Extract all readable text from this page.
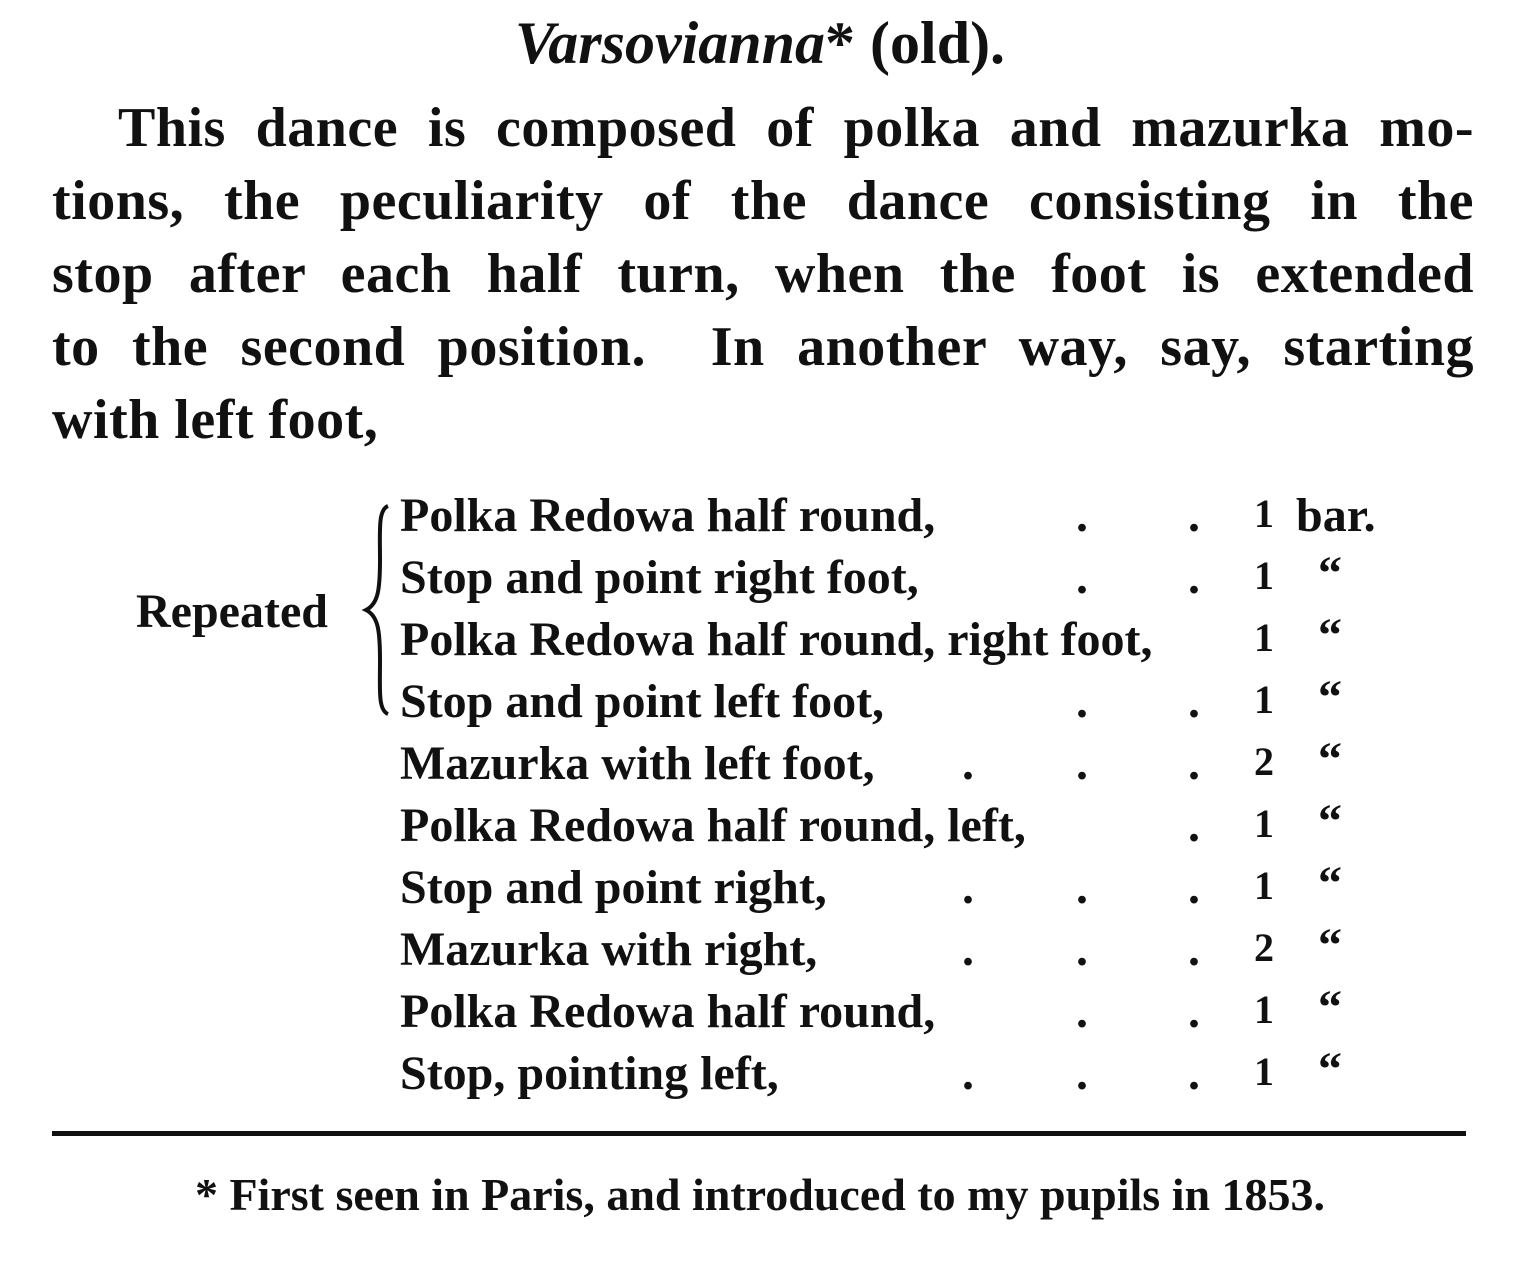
Varsovianna* (old).
This dance is composed of polka and mazurka mo-
tions, the peculiarity of the dance consisting in the
stop after each half turn, when the foot is extended
to the second position.  In another way, say, starting
with left foot,
Repeated
Polka Redowa half round,	. . 1 bar.
Stop and point right foot,	. . 1 “
Polka Redowa half round, right foot,	1 “
Stop and point left foot,	. . 1 “
Mazurka with left foot, . . . 2 “
Polka Redowa half round, left,	. 1 “
Stop and point right,	. . . 1 “
Mazurka with right,	. . . 2 “
Polka Redowa half round,	. . 1 “
Stop, pointing left,	. . . 1 “
* First seen in Paris, and introduced to my pupils in 1853.
